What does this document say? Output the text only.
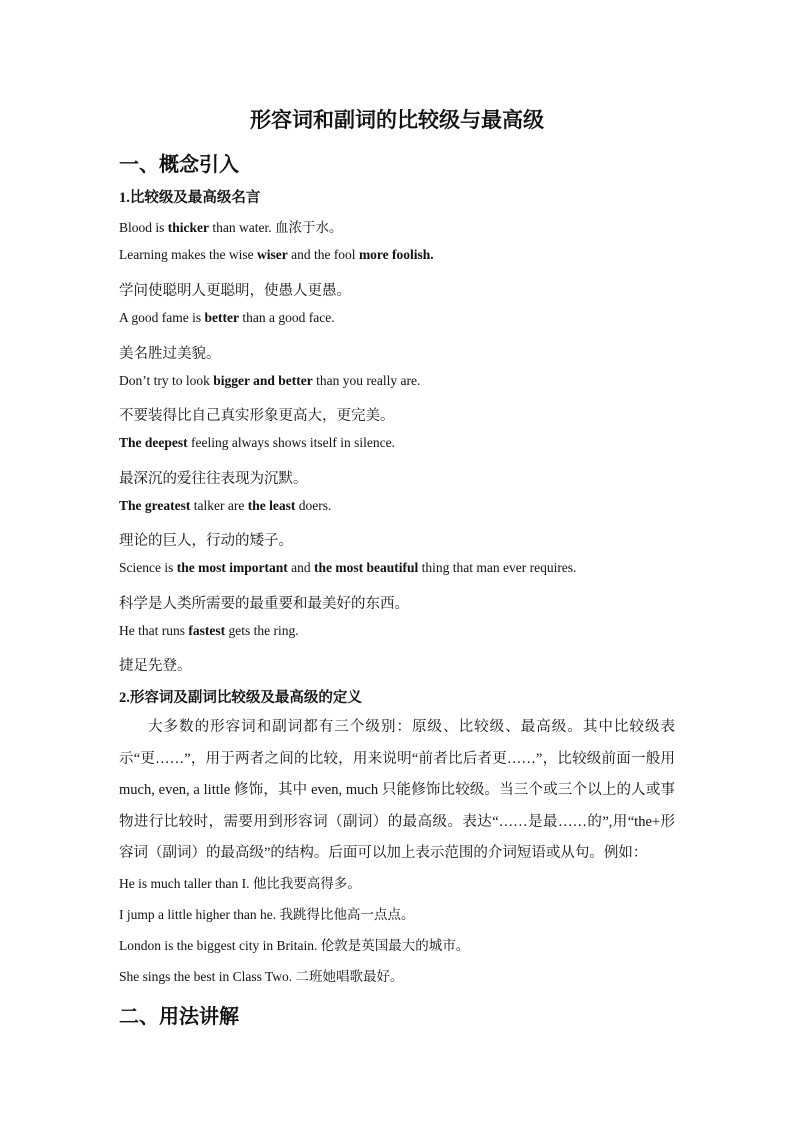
形容词和副词的比较级与最高级
一、概念引入
1.比较级及最高级名言
Blood is thicker than water. 血浓于水。
Learning makes the wise wiser and the fool more foolish.
学问使聪明人更聪明，使愚人更愚。
A good fame is better than a good face.
美名胜过美貌。
Don’t try to look bigger and better than you really are.
不要装得比自己真实形象更高大，更完美。
The deepest feeling always shows itself in silence.
最深沉的爱往往表现为沉默。
The greatest talker are the least doers.
理论的巨人，行动的矮子。
Science is the most important and the most beautiful thing that man ever requires.
科学是人类所需要的最重要和最美好的东西。
He that runs fastest gets the ring.
捷足先登。
2.形容词及副词比较级及最高级的定义
大多数的形容词和副词都有三个级别：原级、比较级、最高级。其中比较级表示“更……”，用于两者之间的比较，用来说明“前者比后者更……”，比较级前面一般用much, even, a little 修饰，其中 even, much 只能修饰比较级。当三个或三个以上的人或事物进行比较时，需要用到形容词（副词）的最高级。表达“……是最……的”,用“the+形容词（副词）的最高级”的结构。后面可以加上表示范围的介词短语或从句。例如：
He is much taller than I. 他比我要高得多。
I jump a little higher than he. 我跳得比他高一点点。
London is the biggest city in Britain. 伦敦是英国最大的城市。
She sings the best in Class Two. 二班她唱歌最好。
二、用法讲解
